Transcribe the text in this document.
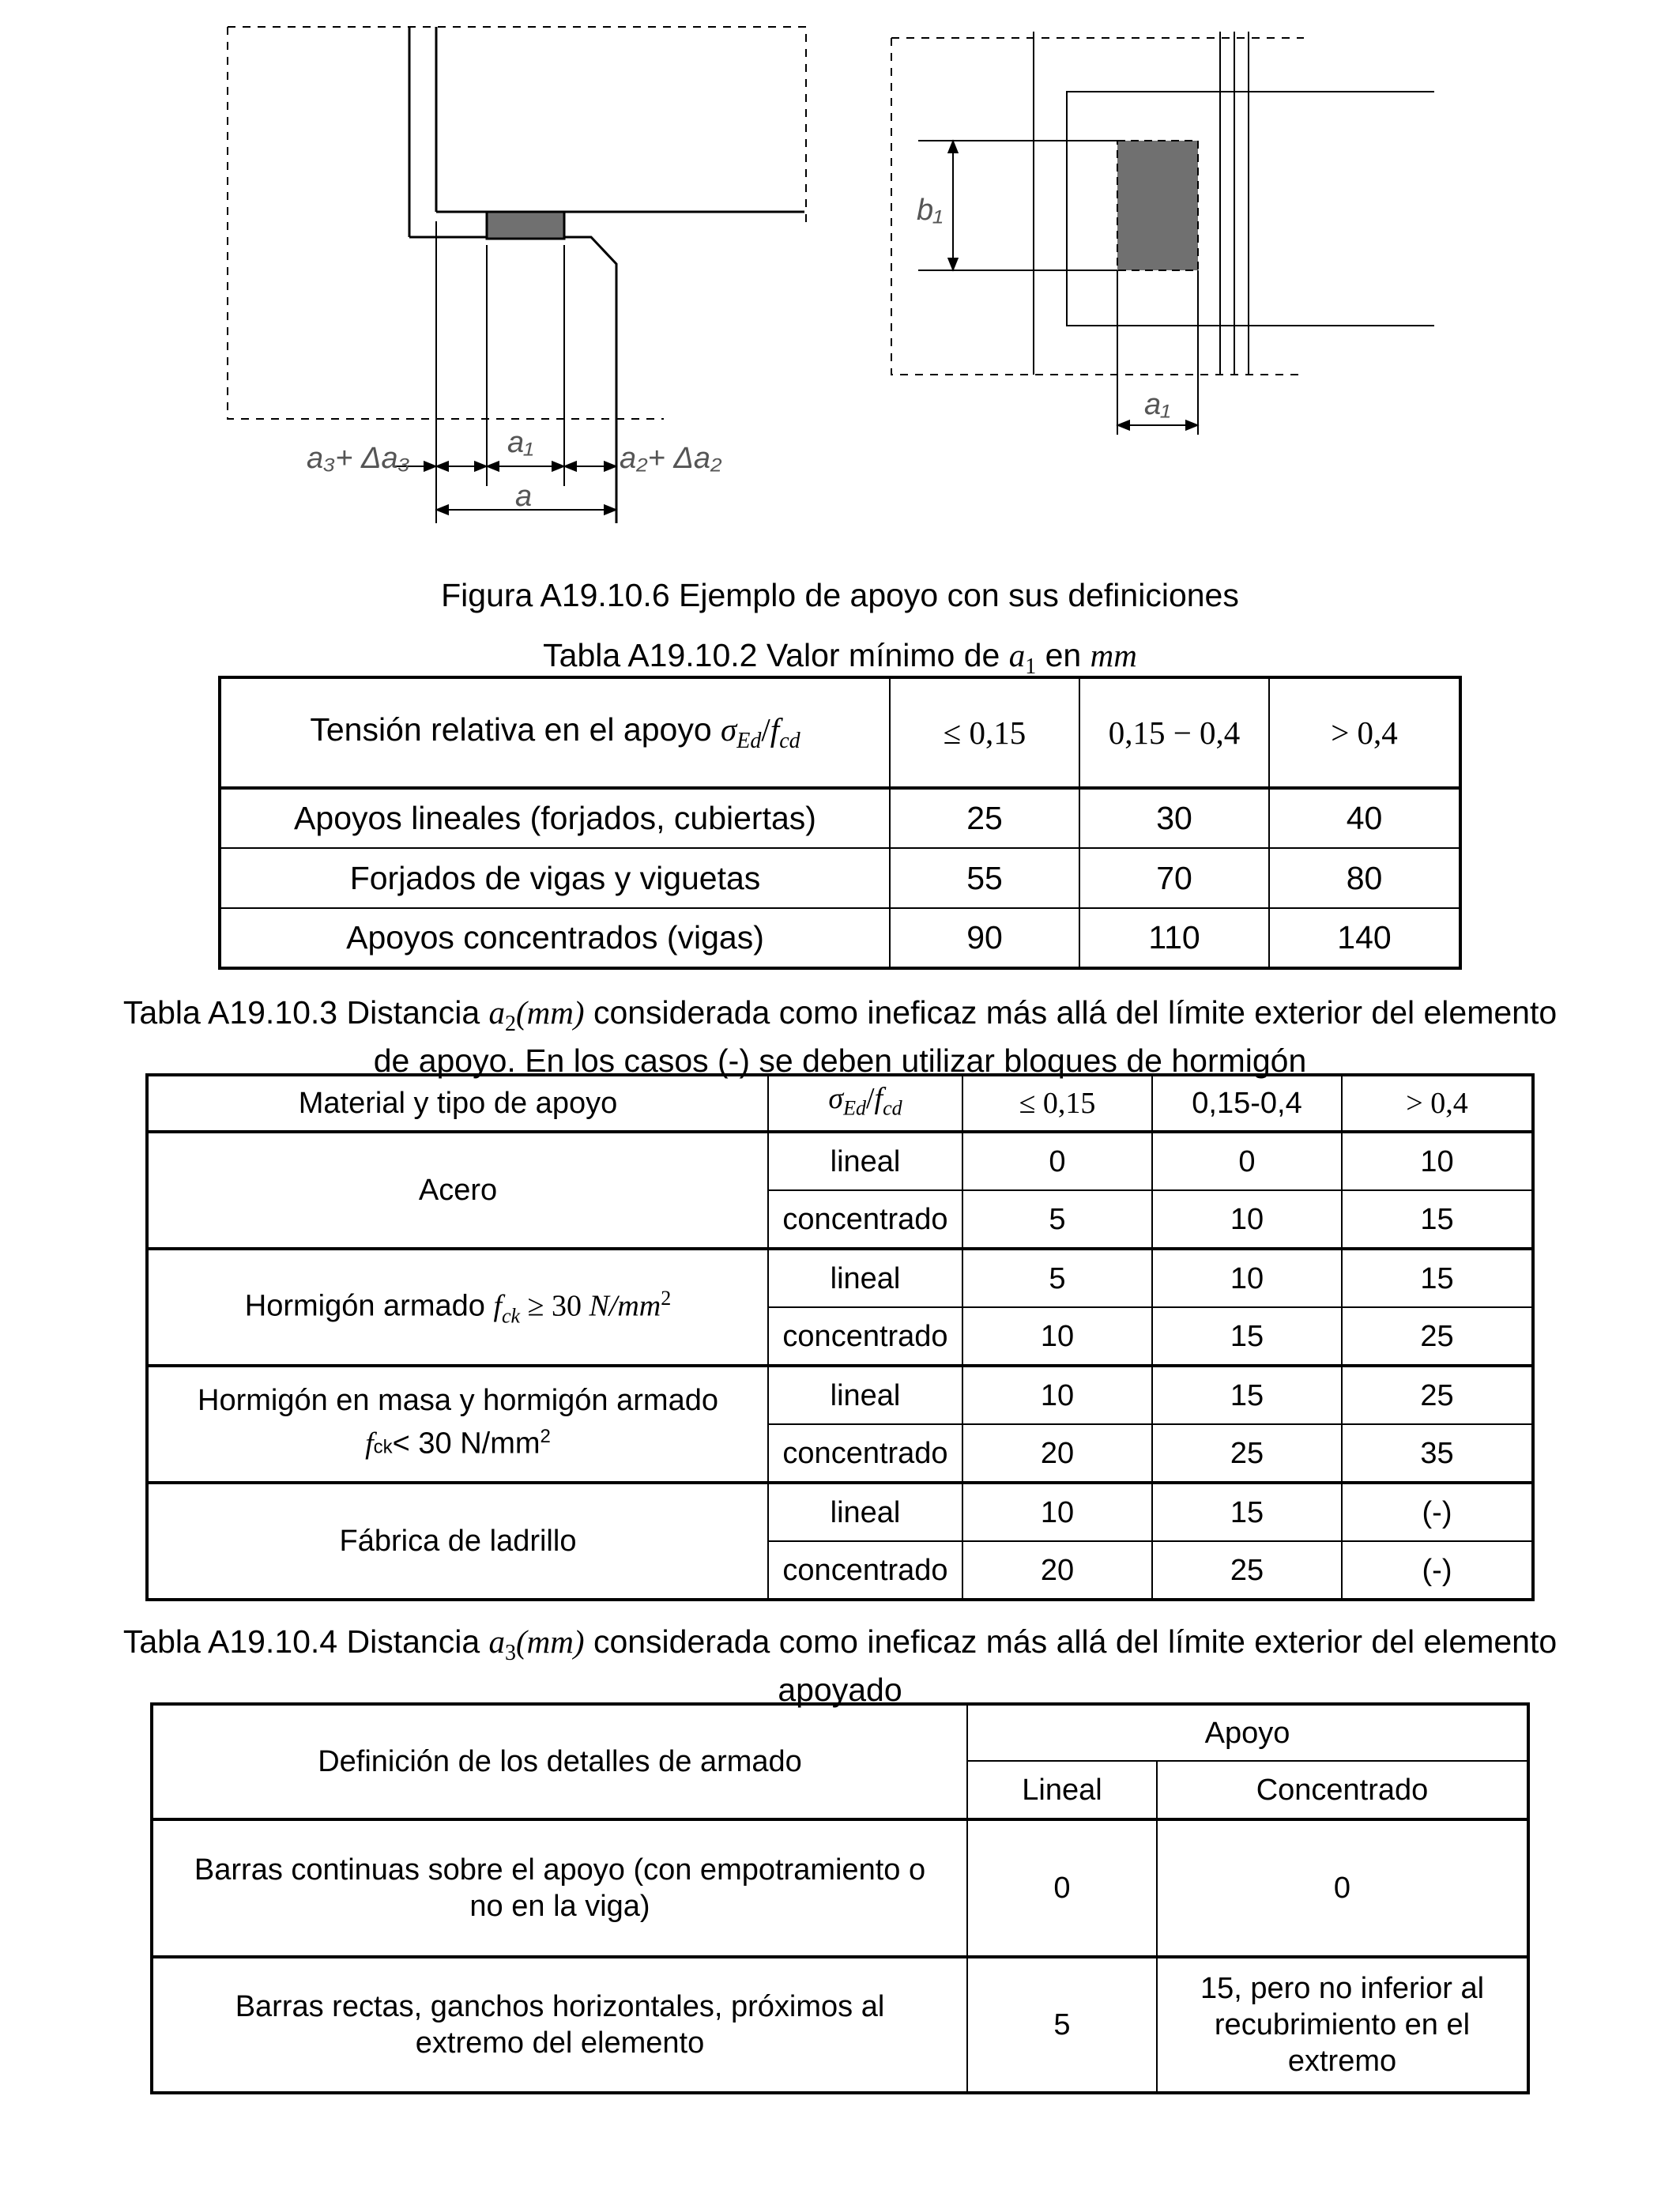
a₃+ Δa₃	a₁	a₂+ Δa₂
a
b₁
a₁
Figura A19.10.6 Ejemplo de apoyo con sus definiciones
Tabla A19.10.2 Valor mínimo de $a_1$ en mm
Tensión relativa en el apoyo $\sigma_{Ed}/f_{cd}$	≤ 0,15	0,15 − 0,4	> 0,4
Apoyos lineales (forjados, cubiertas)	25	30	40
Forjados de vigas y viguetas	55	70	80
Apoyos concentrados (vigas)	90	110	140
Tabla A19.10.3 Distancia $a_2(mm)$ considerada como ineficaz más allá del límite exterior del elemento
de apoyo. En los casos (-) se deben utilizar bloques de hormigón
Material y tipo de apoyo	$\sigma_{Ed}/f_{cd}$	≤ 0,15	0,15-0,4	> 0,4
Acero	lineal	0	0	10
	concentrado	5	10	15
Hormigón armado $f_{ck} \ge 30$ $N/mm^2$	lineal	5	10	15
	concentrado	10	15	25

Hormigón en masa y hormigón armado
fck< 30 $N/mm^2$	lineal	10	15	25
	concentrado	20	25	35
Fábrica de ladrillo	lineal	10	15	(-)
	concentrado	20	25	(-)
Tabla A19.10.4 Distancia $a_3(mm)$ considerada como ineficaz más allá del límite exterior del elemento
apoyado
Definición de los detalles de armado	Apoyo	
	Lineal	Concentrado
Barras continuas sobre el apoyo (con empotramiento o no en la viga)	0	0
Barras rectas, ganchos horizontales, próximos al extremo del elemento	5	15, pero no inferior al recubrimiento en el extremo
